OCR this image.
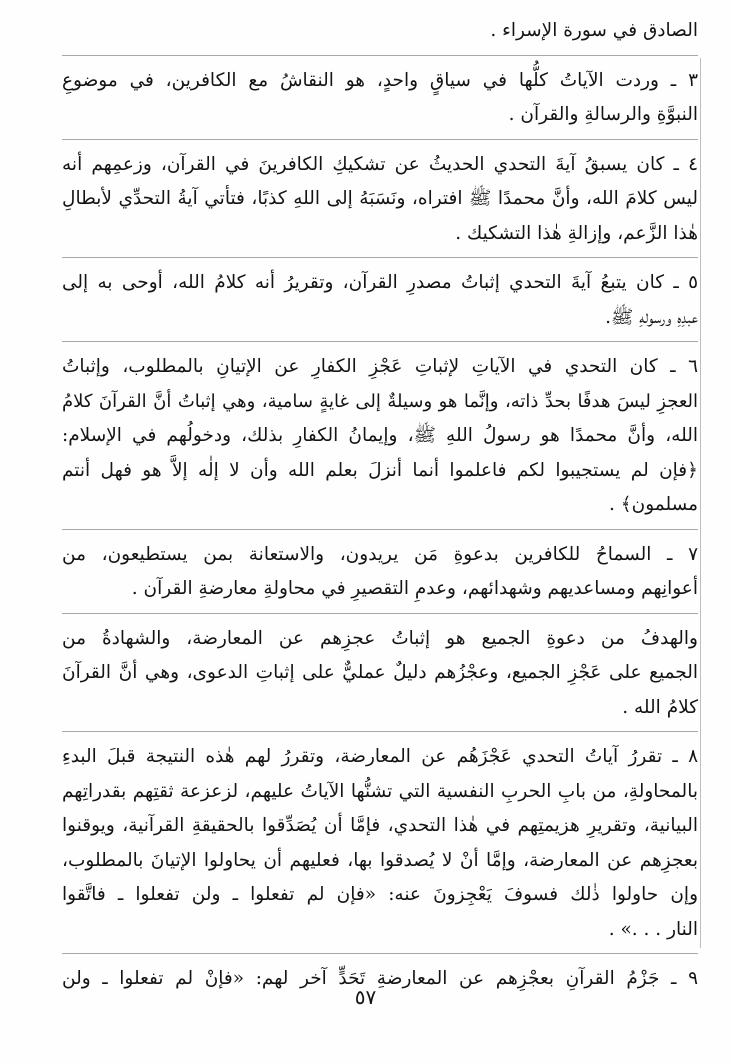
الصادق في سورة الإسراء .

٣ ـ وردت الآياتُ كلُّها في سياقٍ واحدٍ، هو النقاشُ مع الكافرين، في موضوعِ
النبوَّةِ والرسالةِ والقرآن .

٤ ـ كان يسبقُ آيةَ التحدي الحديثُ عن تشكيكِ الكافرينَ في القرآن، وزعمِهم أنه
ليس كلامَ الله، وأنَّ محمدًا ﷺ افتراه، ونَسَبَهُ إلى اللهِ كذبًا، فتأتي آيةُ التحدِّي لأبطالِ
هٰذا الزَّعم، وإزالةِ هٰذا التشكيك .

٥ ـ كان يتبعُ آيةَ التحدي إثباتُ مصدرِ القرآن، وتقريرُ أنه كلامُ الله، أوحى به إلى
عبدِهِ ورسولهِ ﷺ.

٦ ـ كان التحدي في الآياتِ لإثباتِ عَجْزِ الكفارِ عن الإتيانِ بالمطلوب، وإثباتُ
العجزِ ليسَ هدفًا بحدِّ ذاته، وإنَّما هو وسيلةٌ إلى غايةٍ سامية، وهي إثباتُ أنَّ القرآنَ كلامُ
الله، وأنَّ محمدًا هو رسولُ اللهِ ﷺ، وإيمانُ الكفارِ بذلك، ودخولُهم في الإسلام:
﴿فإن لم يستجيبوا لكم فاعلموا أنما أنزلَ بعلم الله وأن لا إلٰه إلاَّ هو فهل أنتم
مسلمون﴾ .

٧ ـ السماحُ للكافرين بدعوةِ مَن يريدون، والاستعانة بمن يستطيعون، من
أعوانِهم ومساعديهم وشهدائهم، وعدمِ التقصيرِ في محاولةِ معارضةِ القرآن .

والهدفُ من دعوةِ الجميع هو إثباتُ عجزِهم عن المعارضة، والشهادةُ من
الجميع على عَجْزِ الجميع، وعجْزُهم دليلٌ عمليٌّ على إثباتِ الدعوى، وهي أنَّ القرآنَ
كلامُ الله .

٨ ـ تقررُ آياتُ التحدي عَجْزَهُم عن المعارضة، وتقررُ لهم هٰذه النتيجة قبلَ البدءِ
بالمحاولةِ، من بابِ الحربِ النفسية التي تشنُّها الآياتُ عليهم، لزعزعة ثقتِهم بقدراتِهم
البيانية، وتقريرِ هزيمتِهم في هٰذا التحدي، فإمَّا أن يُصَدِّقوا بالحقيقةِ القرآنية، ويوقنوا
بعجزِهم عن المعارضة، وإمَّا أنْ لا يُصدقوا بها، فعليهم أن يحاولوا الإتيانَ بالمطلوب،
وإن حاولوا ذٰلك فسوفَ يَعْجِزونَ عنه: «فإن لم تفعلوا ـ ولن تفعلوا ـ فاتَّقوا
النار . . .» .

٩ ـ جَزْمُ القرآنِ بعجْزِهم عن المعارضةِ تَحَدٍّ آخر لهم: «فإنْ لم تفعلوا ـ ولن

٥٧
